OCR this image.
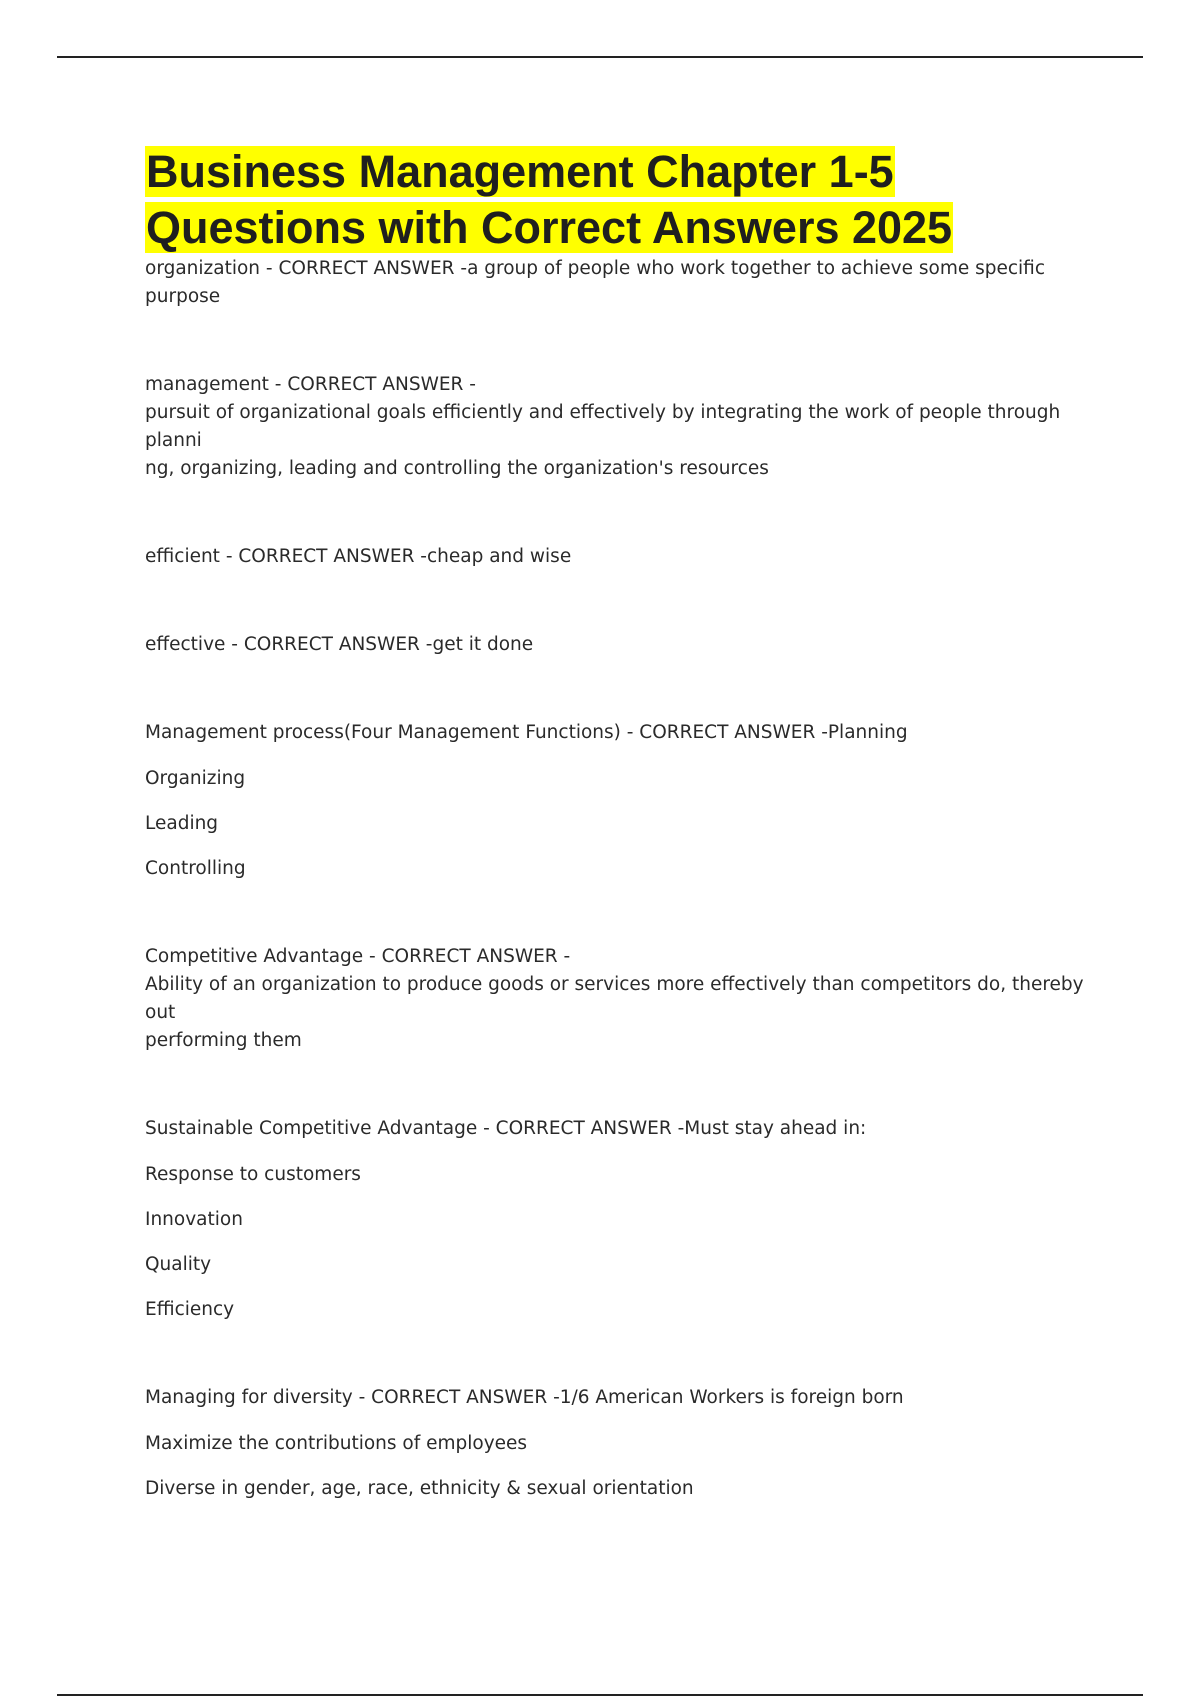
Business Management Chapter 1-5
Questions with Correct Answers 2025

organization - CORRECT ANSWER -a group of people who work together to achieve some specific purpose

management - CORRECT ANSWER -

pursuit of organizational goals efficiently and effectively by integrating the work of people through planni

ng, organizing, leading and controlling the organization's resources

efficient - CORRECT ANSWER -cheap and wise

effective - CORRECT ANSWER -get it done

Management process(Four Management Functions) - CORRECT ANSWER -Planning

Organizing

Leading

Controlling

Competitive Advantage - CORRECT ANSWER -

Ability of an organization to produce goods or services more effectively than competitors do, thereby out

performing them

Sustainable Competitive Advantage - CORRECT ANSWER -Must stay ahead in:

Response to customers

Innovation

Quality

Efficiency

Managing for diversity - CORRECT ANSWER -1/6 American Workers is foreign born

Maximize the contributions of employees

Diverse in gender, age, race, ethnicity & sexual orientation
